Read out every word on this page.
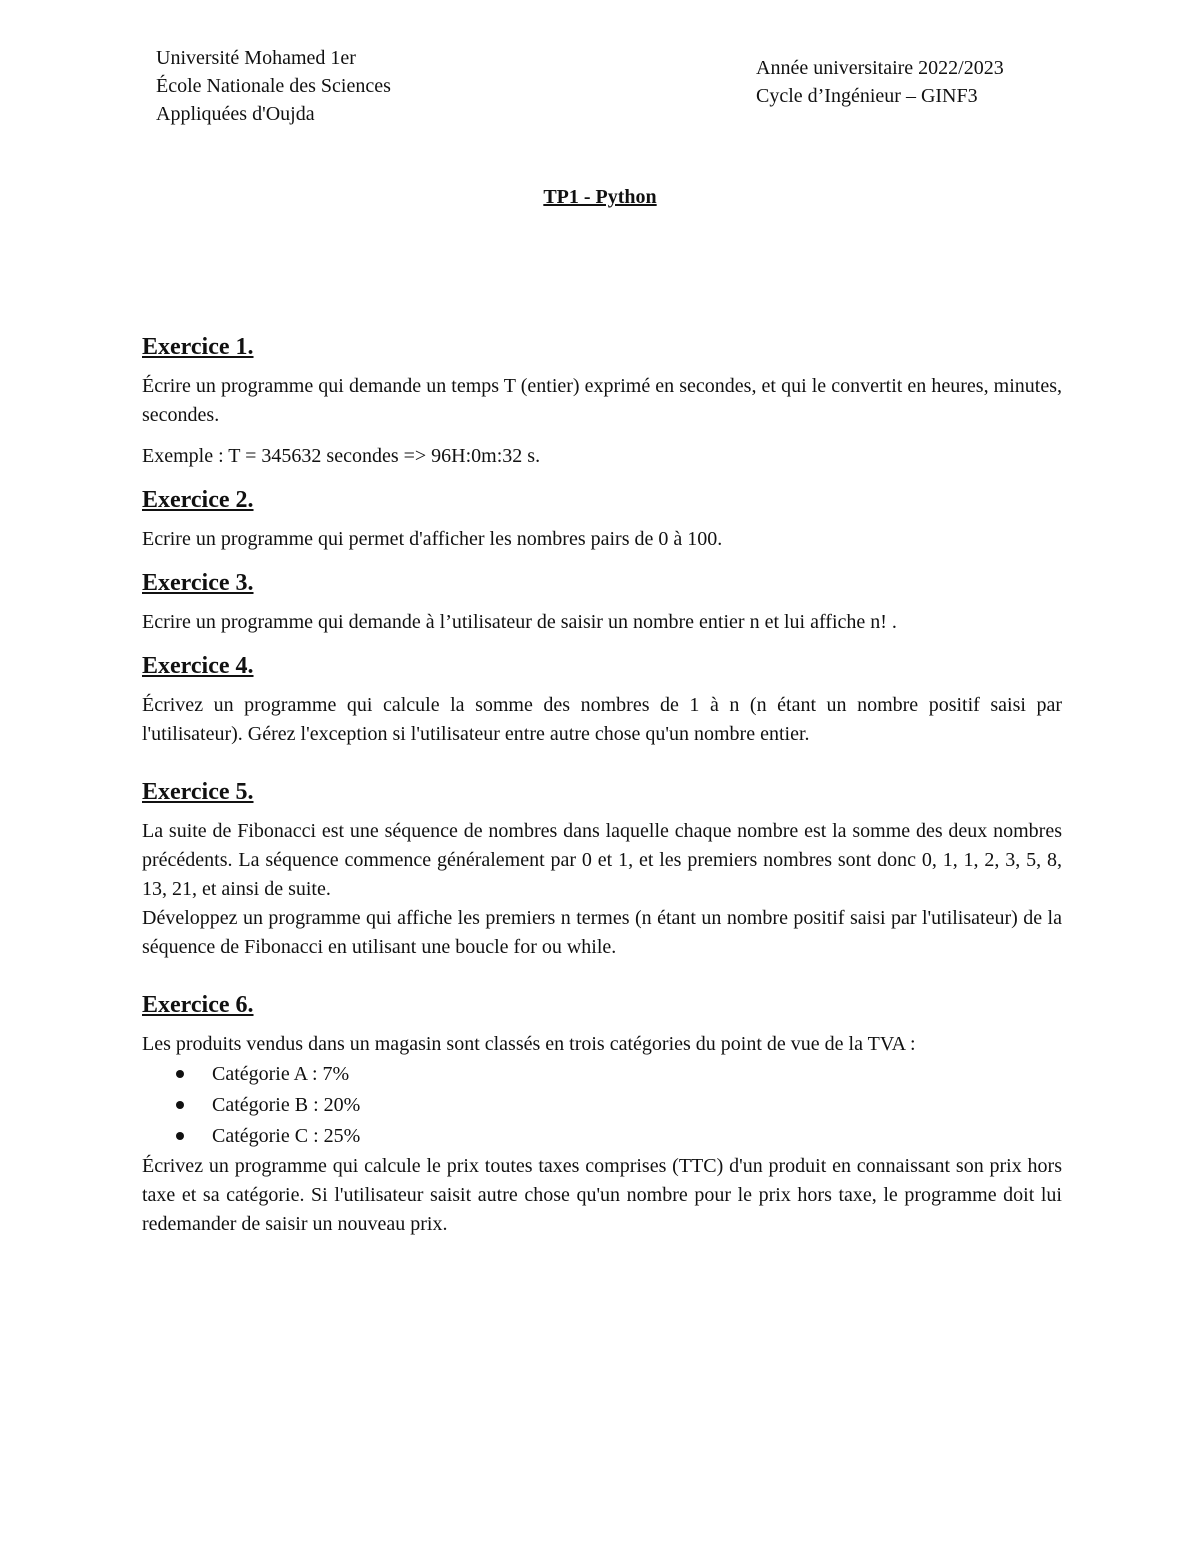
Université Mohamed 1er
École Nationale des Sciences
Appliquées d'Oujda
Année universitaire 2022/2023
Cycle d’Ingénieur – GINF3
TP1 - Python
Exercice 1.

Écrire un programme qui demande un temps T (entier) exprimé en secondes, et qui le convertit en heures, minutes, secondes.

Exemple : T = 345632 secondes => 96H:0m:32 s.

Exercice 2.

Ecrire un programme qui permet d'afficher les nombres pairs de 0 à 100.

Exercice 3.

Ecrire un programme qui demande à l’utilisateur de saisir un nombre entier n et lui affiche n! .

Exercice 4.

Écrivez un programme qui calcule la somme des nombres de 1 à n (n étant un nombre positif saisi par l'utilisateur). Gérez l'exception si l'utilisateur entre autre chose qu'un nombre entier.

Exercice 5.

La suite de Fibonacci est une séquence de nombres dans laquelle chaque nombre est la somme des deux nombres précédents. La séquence commence généralement par 0 et 1, et les premiers nombres sont donc 0, 1, 1, 2, 3, 5, 8, 13, 21, et ainsi de suite.

Développez un programme qui affiche les premiers n termes (n étant un nombre positif saisi par l'utilisateur) de la séquence de Fibonacci en utilisant une boucle for ou while.

Exercice 6.

Les produits vendus dans un magasin sont classés en trois catégories du point de vue de la TVA :

Catégorie A : 7%
Catégorie B : 20%
Catégorie C : 25%

Écrivez un programme qui calcule le prix toutes taxes comprises (TTC) d'un produit en connaissant son prix hors taxe et sa catégorie. Si l'utilisateur saisit autre chose qu'un nombre pour le prix hors taxe, le programme doit lui redemander de saisir un nouveau prix.
